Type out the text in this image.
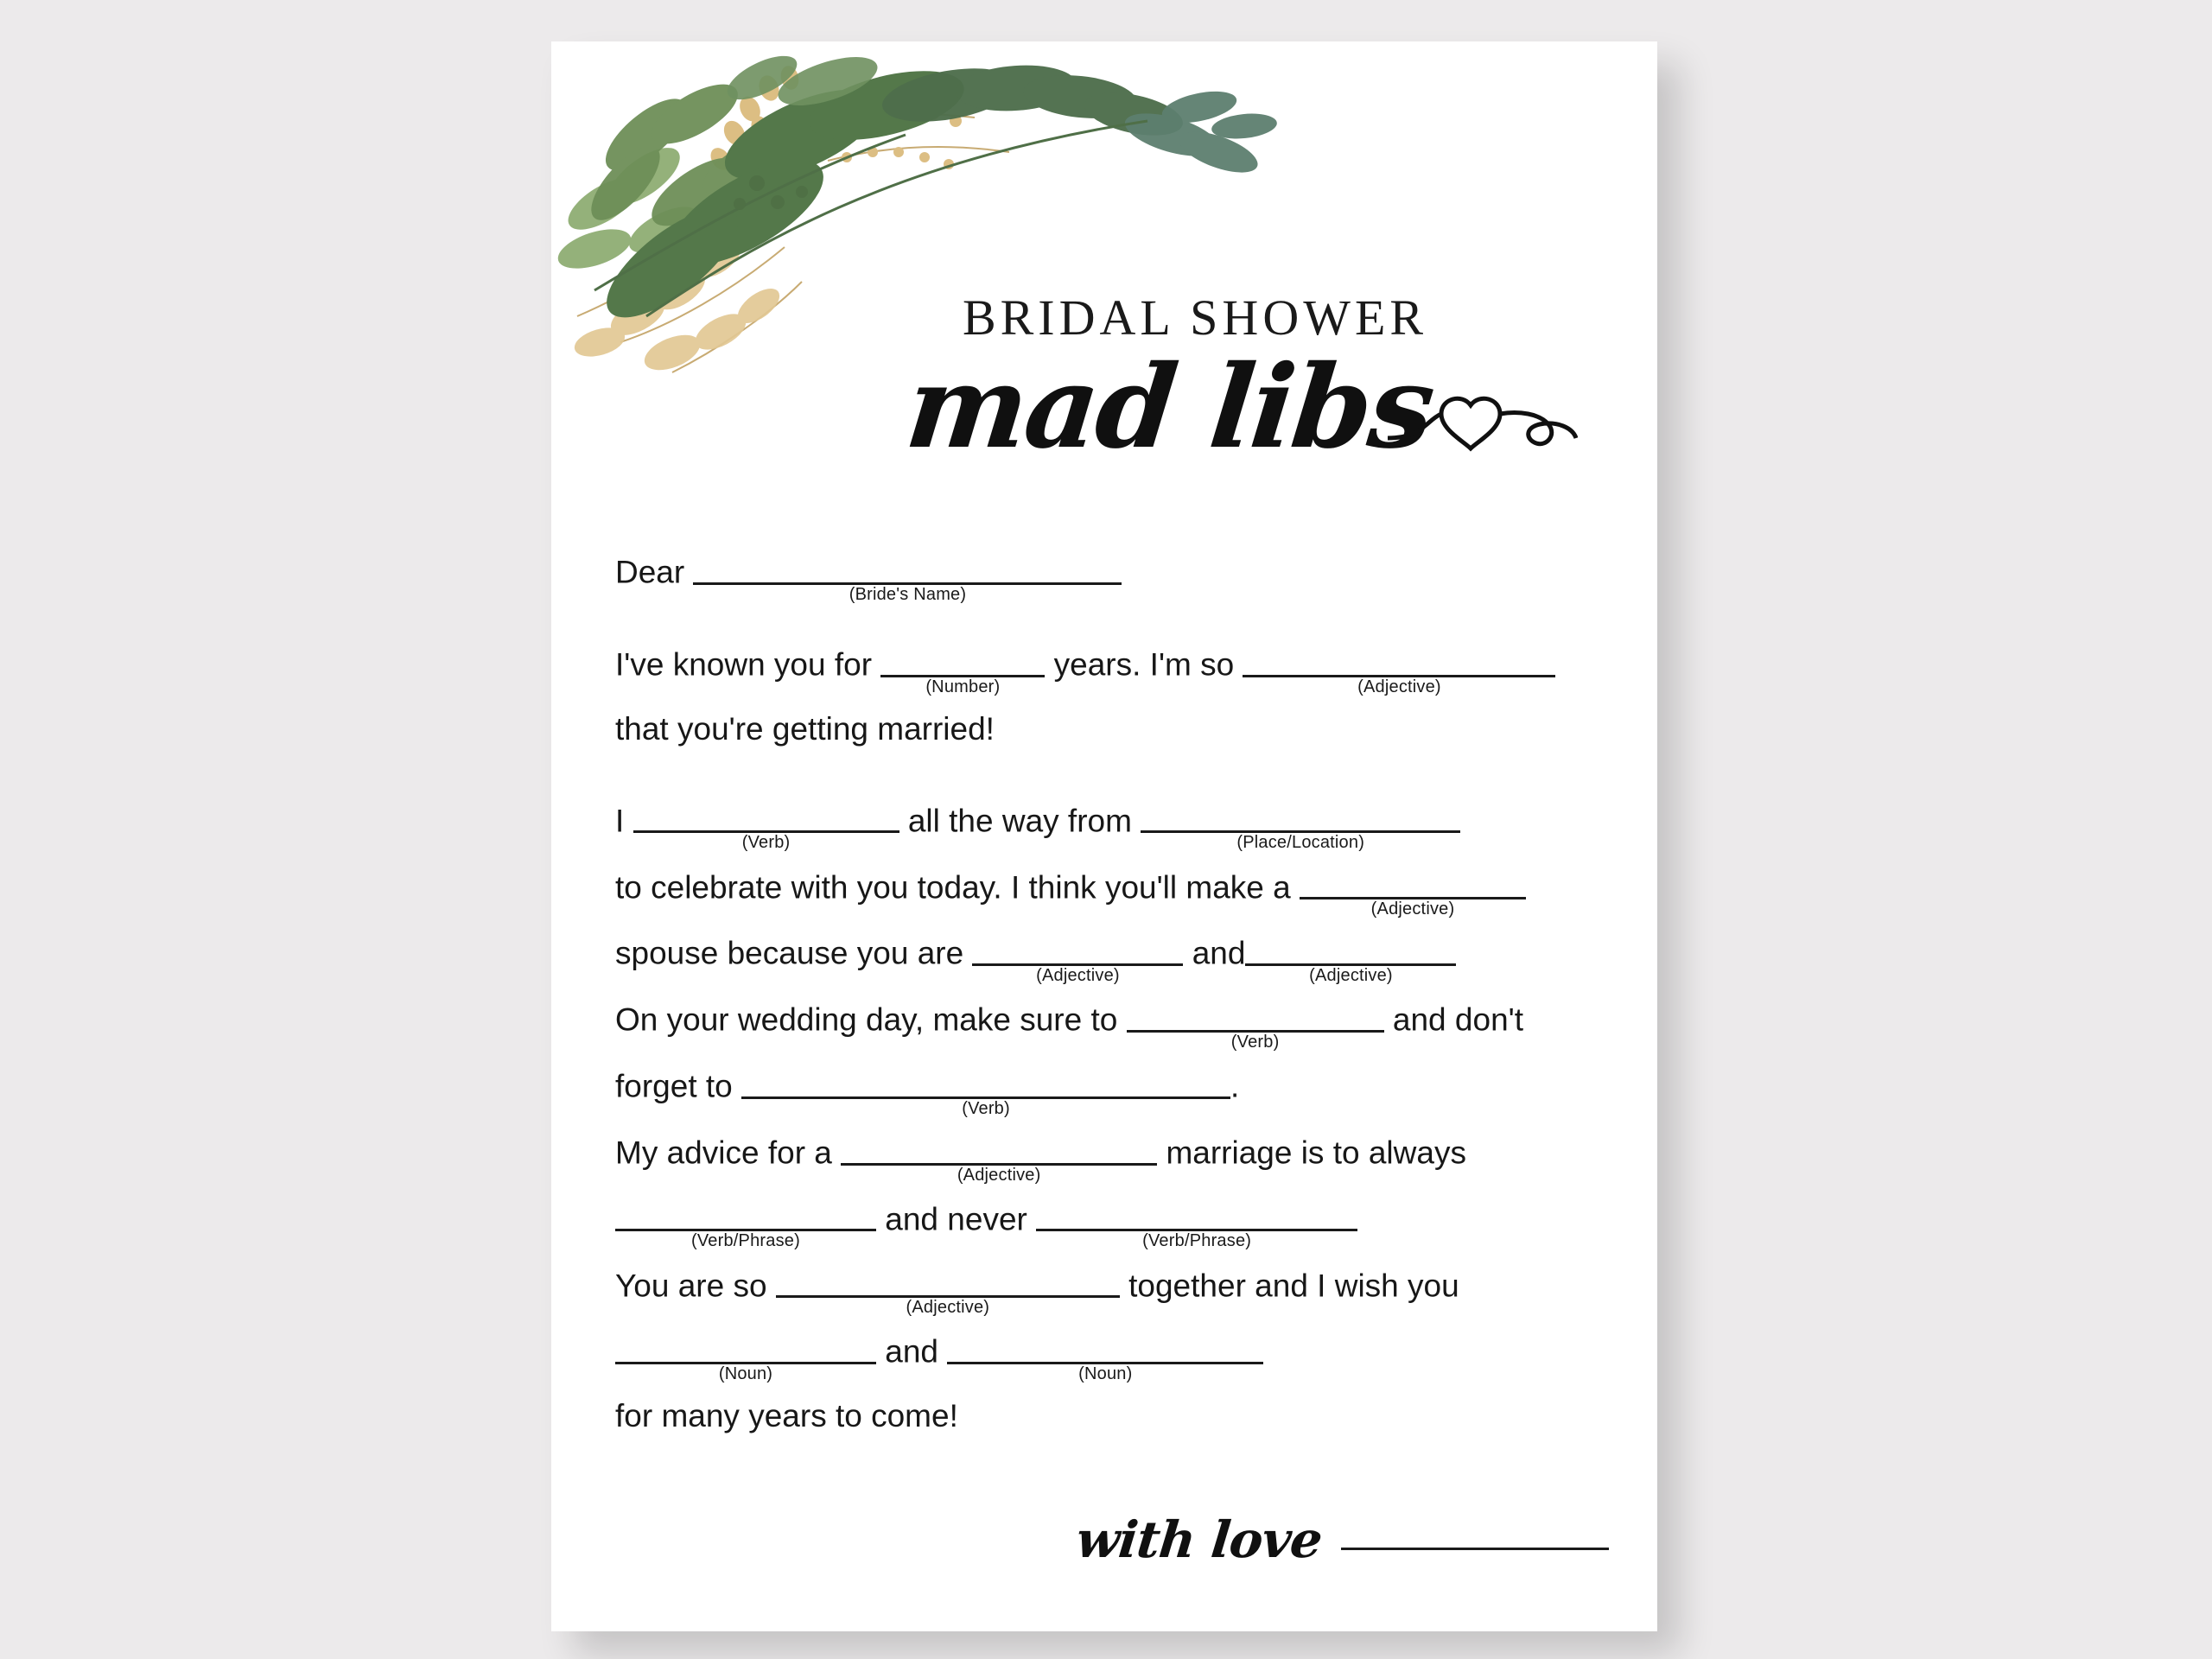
BRIDAL SHOWER
mad libs
Dear
(Bride's Name)
I've known you for
(Number)
years. I'm so
(Adjective)
that you're getting married!
I
(Verb)
all the way from
(Place/Location)
to celebrate with you today. I think you'll make a
(Adjective)
spouse because you are
(Adjective)
and
(Adjective)
On your wedding day, make sure to
(Verb)
and don't
forget to
(Verb)
.
My advice for a
(Adjective)
marriage is to always
(Verb/Phrase)
and never
(Verb/Phrase)
You are so
(Adjective)
together and I wish you
(Noun)
and
(Noun)
for many years to come!
with love
